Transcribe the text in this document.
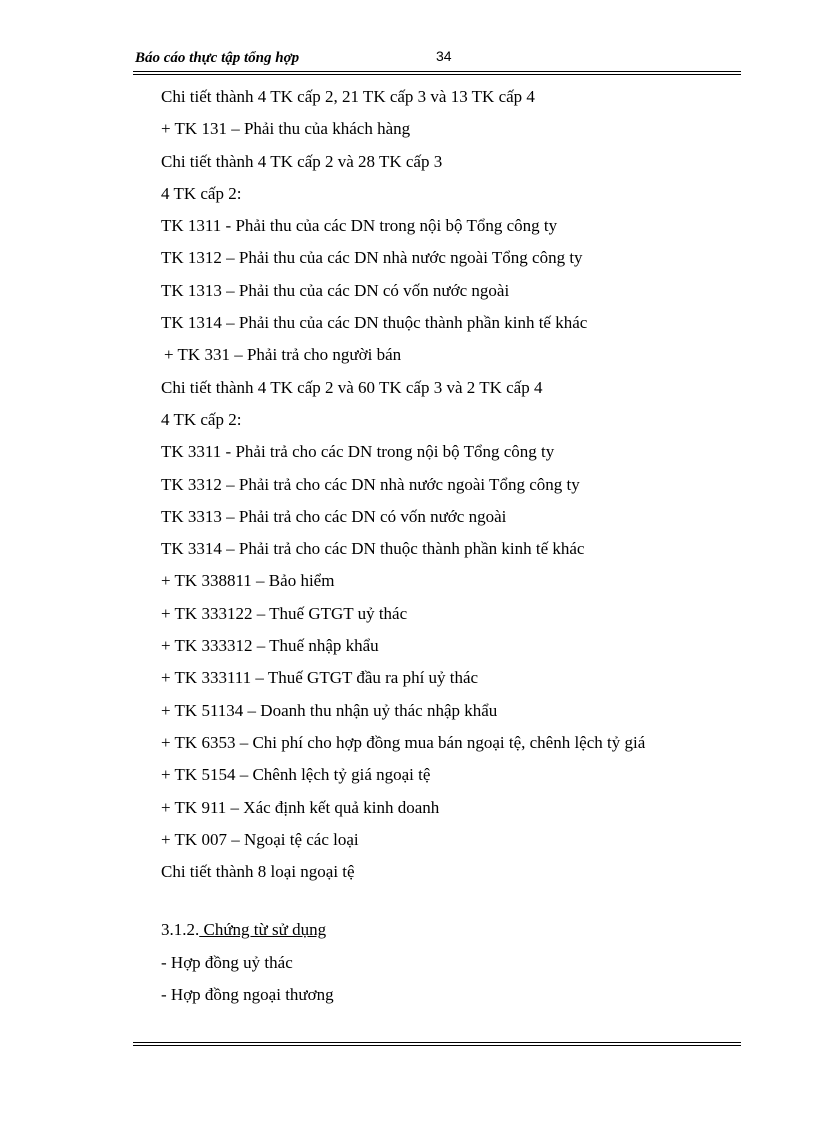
Báo cáo thực tập tổng hợp	34
Chi tiết thành 4 TK cấp 2, 21 TK cấp 3 và 13 TK cấp 4
+ TK 131 – Phải thu của khách hàng
Chi tiết thành 4 TK cấp 2 và 28 TK cấp 3
4 TK cấp 2:
TK 1311 - Phải thu của các DN trong nội bộ Tổng công ty
TK 1312 – Phải thu của các DN nhà nước ngoài Tổng công ty
TK 1313 – Phải thu của các DN có vốn nước ngoài
TK 1314 – Phải thu của các DN thuộc thành phần kinh tế khác
+ TK 331 – Phải trả cho người bán
Chi tiết thành 4 TK cấp 2 và 60 TK cấp 3 và 2 TK cấp 4
4 TK cấp 2:
TK 3311 - Phải trả cho các DN trong nội bộ Tổng công ty
TK 3312 – Phải trả cho các DN nhà nước ngoài Tổng công ty
TK 3313 – Phải trả cho các DN có vốn nước ngoài
TK 3314 – Phải trả cho các DN thuộc thành phần kinh tế khác
+ TK 338811 – Bảo hiểm
+ TK 333122 – Thuế GTGT uỷ thác
+ TK 333312 – Thuế nhập khẩu
+ TK 333111 – Thuế GTGT đầu ra phí uỷ thác
+ TK 51134 – Doanh thu nhận uỷ thác nhập khẩu
+ TK 6353 – Chi phí cho hợp đồng mua bán ngoại tệ, chênh lệch tỷ giá
+ TK 5154 – Chênh lệch tỷ giá ngoại tệ
+ TK 911 – Xác định kết quả kinh doanh
+ TK 007 – Ngoại tệ các loại
Chi tiết thành 8 loại ngoại tệ
3.1.2. Chứng từ sử dụng
- Hợp đồng uỷ thác
- Hợp đồng ngoại thương
